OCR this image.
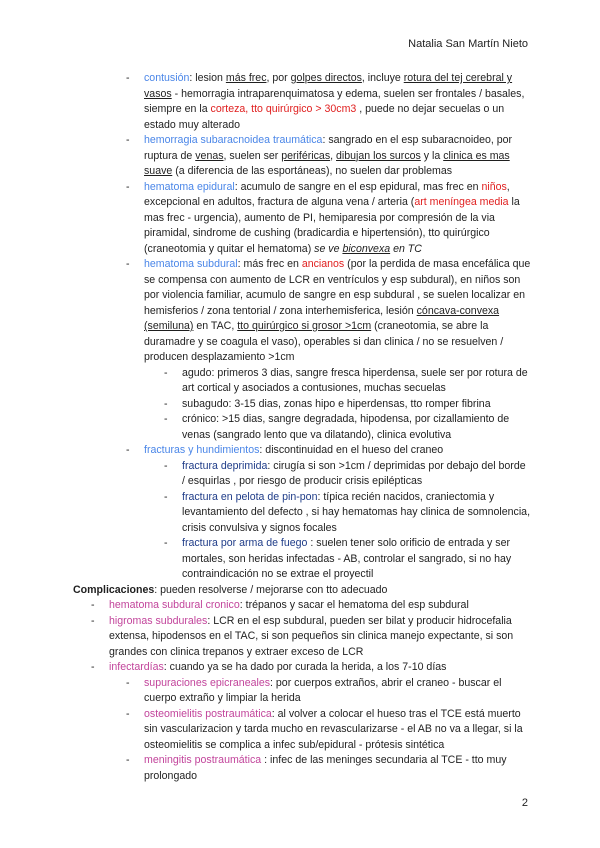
Natalia San Martín Nieto
- contusión: lesion más frec, por golpes directos, incluye rotura del tej cerebral y vasos - hemorragia intraparenquimatosa y edema, suelen ser frontales / basales, siempre en la corteza, tto quirúrgico > 30cm3 , puede no dejar secuelas o un estado muy alterado
- hemorragia subaracnoidea traumática: sangrado en el esp subaracnoideo, por ruptura de venas, suelen ser periféricas, dibujan los surcos y la clinica es mas suave (a diferencia de las esportáneas), no suelen dar problemas
- hematoma epidural: acumulo de sangre en el esp epidural, mas frec en niños, excepcional en adultos, fractura de alguna vena / arteria (art meníngea media la mas frec - urgencia), aumento de PI, hemiparesia por compresión de la via piramidal, sindrome de cushing (bradicardia e hipertensión), tto quirúrgico (craneotomia y quitar el hematoma) se ve biconvexa en TC
- hematoma subdural: más frec en ancianos (por la perdida de masa encefálica que se compensa con aumento de LCR en ventrículos y esp subdural), en niños son por violencia familiar, acumulo de sangre en esp subdural , se suelen localizar en hemisferios / zona tentorial / zona interhemisferica, lesión cóncava-convexa (semiluna) en TAC, tto quirúrgico si grosor >1cm (craneotomia, se abre la duramadre y se coagula el vaso), operables si dan clinica / no se resuelven / producen desplazamiento >1cm
- agudo: primeros 3 dias, sangre fresca hiperdensa, suele ser por rotura de art cortical y asociados a contusiones, muchas secuelas
- subagudo: 3-15 dias, zonas hipo e hiperdensas, tto romper fibrina
- crónico: >15 dias, sangre degradada, hipodensa, por cizallamiento de venas (sangrado lento que va dilatando), clinica evolutiva
- fracturas y hundimientos: discontinuidad en el hueso del craneo
- fractura deprimida: cirugía si son >1cm / deprimidas por debajo del borde / esquirlas , por riesgo de producir crisis epilépticas
- fractura en pelota de pin-pon: típica recién nacidos, craniectomia y levantamiento del defecto , si hay hematomas hay clinica de somnolencia, crisis convulsiva y signos focales
- fractura por arma de fuego : suelen tener solo orificio de entrada y ser mortales, son heridas infectadas - AB, controlar el sangrado, si no hay contraindicación no se extrae el proyectil
Complicaciones: pueden resolverse / mejorarse con tto adecuado
- hematoma subdural cronico: trépanos y sacar el hematoma del esp subdural
- higromas subdurales: LCR en el esp subdural, pueden ser bilat y producir hidrocefalia extensa, hipodensos en el TAC, si son pequeños sin clinica manejo expectante, si son grandes con clinica trepanos y extraer exceso de LCR
- infectardías: cuando ya se ha dado por curada la herida, a los 7-10 días
- supuraciones epicraneales: por cuerpos extraños, abrir el craneo - buscar el cuerpo extraño y limpiar la herida
- osteomielitis postraumática: al volver a colocar el hueso tras el TCE está muerto sin vascularizacion y tarda mucho en revascularizarse - el AB no va a llegar, si la osteomielitis se complica a infec sub/epidural - prótesis sintética
- meningitis postraumática : infec de las meninges secundaria al TCE - tto muy prolongado
2
